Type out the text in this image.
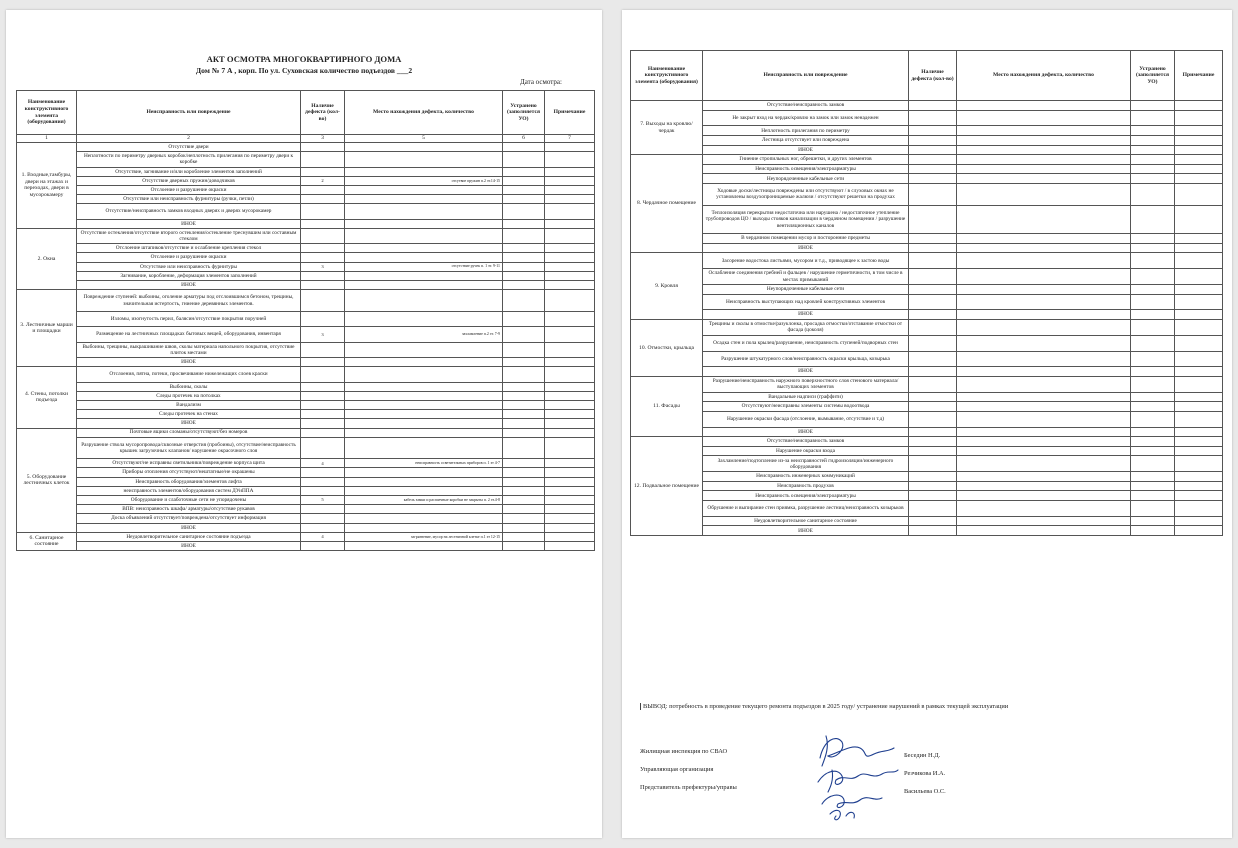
АКТ ОСМОТРА МНОГОКВАРТИРНОГО ДОМА
Дом № 7 А , корп. По ул. Суховская количество подъездов ___2
Дата осмотра:
Наименование конструктивного элемента (оборудования)	Неисправность или повреждение	Наличие дефекта (кол-во)	Место нахождения дефекта, количество	Устранено (заполняется УО)	Примечание
1	2	3	5	6	7
1. Входные,тамбуры, двери на этажах и переходах, двери в мусорокамеру	Отсутствие двери				
	Неплотности по периметру дверных коробок/неплотность прилегания по периметру двери к коробке				
	Отсутствие, загнивание и/или коробление элементов заполнений				
	Отсутствие дверных пружин/доводчиков	2	отсутвие пружин п.2 эт.14-15		
	Отслоение и разрушение окраски				
	Отсутствие или неисправность фурнитуры (ручки, петли)				
	Отсутствие/неисправность замков входных дверях и дверях мусорокамер				
	ИНОЕ				
2. Окна	Отсутствие остекления/отсутствие второго остекления/остекление треснувшим или составным стеклом				
	Отслоение штапиков/отсутствие и ослабление крепления стекол				
	Отслоение и разрушение окраски				
	Отсутствие или неисправность фурнитуры	3	отсутствие ручек п. 1 эт. 9-11		
	Загнивание, коробление, деформация элементов заполнений				
	ИНОЕ				
3. Лестничные марши и площадки	Повреждение ступеней: выбоины, оголение арматуры под отслоившимся бетоном, трещины, значительная истертость, гниение деревянных элементов.				
	Изломы, изогнутость перил, балясин/отсутствие покрытия поручней				
	Размещение на лестничных площадках бытовых вещей, оборудования, инвентаря	3	захламление п.2 эт. 7-9		
	Выбоины, трещины, выкрашивание швов, сколы материала напольного покрытия, отсутствие плиток местами				
	ИНОЕ				
4. Стены, потолки подъезда	Отслоения, пятна, потеки, просвечивание нижележащих слоев краски				
	Выбоины, сколы				
	Следы протечек на потолках				
	Вандализм				
	Следы протечек на стенах				
	ИНОЕ				
5. Оборудование лестничных клеток	Почтовые ящики сломаны/отсутствуют/без номеров				
	Разрушение ствола мусоропровода/сквозные отверстия (пробоины), отсутствие/неисправность крышек загрузочных клапанов/ нарушение окрасочного слоя				
	Отсутствуют/не исправны светильники/повреждение корпуса щита	4	неисправность осветительных приборов п. 1 эт 4-7		
	Приборы отопления отсутствуют/нештатные/не окрашены				
	Неисправность оборудования/элементов лифта				
	неисправность элементов/оборудования систем ДУиППА				
	Оборудование и слаботочные сети не упорядочены	5	кабель замки и распаечные коробки не закрыты п. 2 эт.4-8		
	ВПВ: неисправность шкафа/ арматуры/отсутствие рукавов				
	Доска объявлений отсутствует/повреждена/отсутствует информация				
	ИНОЕ				
6. Санитарное состояние	Неудовлетворительное санитарное состояние подъезда	4	загрязнение, мусор на лестничной клетке п.1 эт 12-15		
	ИНОЕ				
Наименование конструктивного элемента (оборудования)	Неисправность или повреждение	Наличие дефекта (кол-во)	Место нахождения дефекта, количество	Устранено (заполняется УО)	Примечание
7. Выходы на кровлю/чердак	Отсутствие/неисправность замков				
	Не закрыт вход на чердак/кровлю на замок или замок ненадежен				
	Неплотность прилегания по периметру				
	Лестница отсутствует или повреждена				
	ИНОЕ				
8. Чердачное помещение	Гниение стропильных ног, обрешетки, и других элементов				
	Неисправность освещения/электроарматуры				
	Неупорядоченные кабельные сети				
	Ходовые доски/лестницы повреждены или отсутствуют / в слуховых окнах не установлены воздухопроницаемые жалюзи / отсутствуют решетки на продухах				
	Теплоизоляция перекрытия недостаточна или нарушена / недостаточное утепление трубопроводов ЦО / выходы стояков канализации в чердачном помещении / разрушение вентиляционных каналов				
	В чердачном помещении мусор и посторонние предметы				
	ИНОЕ				
9. Кровля	Засорение водостока листьями, мусором и т.д., приводящее к застою воды				
	Ослабление соединения гребней и фальцев / нарушение герметичности, в том числе в местах примыканий				
	Неупорядоченные кабельные сети				
	Неисправность выступающих над кровлей конструктивных элементов				
	ИНОЕ				
10. Отмостки, крыльца	Трещины и сколы в отмостке/разуклонка, просадка отмостки/отставание отмостки от фасада (цоколя)				
	Осадка стен и пола крылец/разрушение, неисправность ступеней/подворных стен				
	Разрушение штукатурного слоя/неисправность окраски крыльца, козырька				
	ИНОЕ				
11. Фасады	Разрушение/неисправность наружного поверхностного слоя стенового материала/выступающих элементов				
	Вандальные надписи (граффити)				
	Отсутствуют/неисправны элементы системы водоотвода				
	Нарушение окраски фасада (отслоение, вымывание, отсутствие и т.д)				
	ИНОЕ				
12. Подвальное помещение	Отсутствие/неисправность замков				
	Нарушение окраски входа				
	Захламление/подтопление из-за неисправностей гидроизоляции/инженерного оборудования				
	Неисправность инженерных коммуникаций				
	Неисправность продухов				
	Неисправность освещения/электроарматуры				
	Обрушение и выпирание стен приямка, разрушение лестниц/неисправность козырьков				
	Неудовлетворительное санитарное состояние				
	ИНОЕ				
ВЫВОД: потребность в проведение текущего ремонта подъездов в 2025 году/ устранение нарушений в рамках текущей эксплуатации
Жилищная инспекция по СВАО
Управляющая организация
Представитель префектуры/управы
Беседин Н.Д.
Резчикова И.А.
Васильева О.С.
